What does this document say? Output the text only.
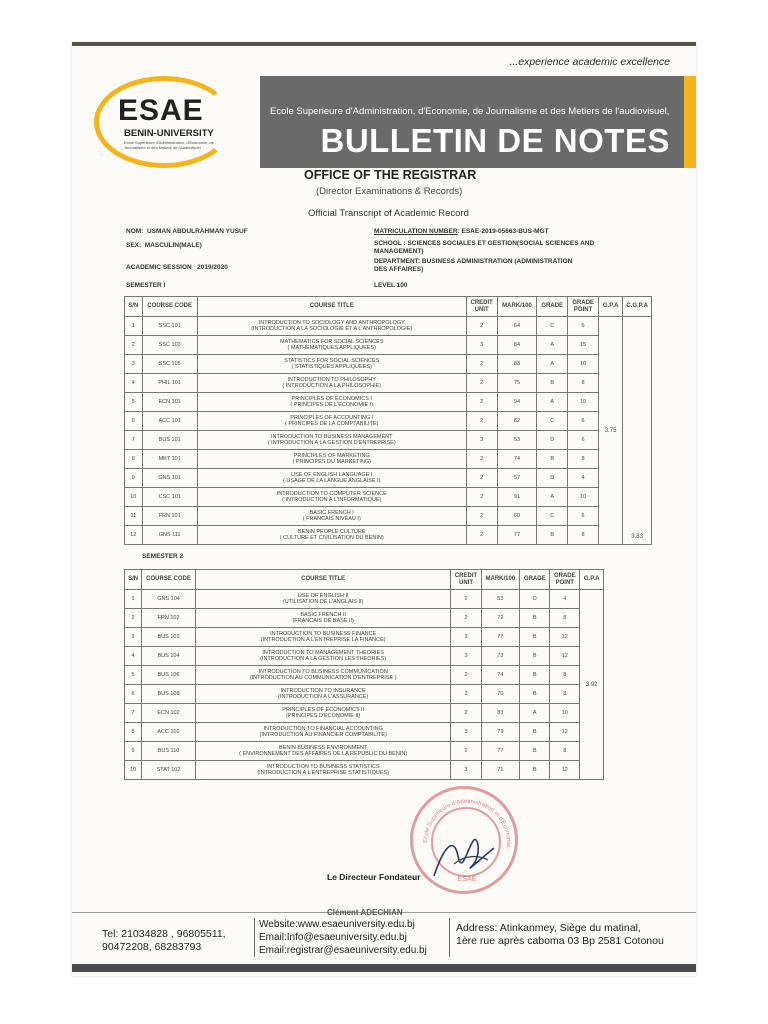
...experience academic excellence
ESAE
BENIN-UNIVERSITY
Ecole Superieure d'Administration, d'Economie, de Journalisme et des Metiers de l'Audiovisuel
Ecole Superieure d'Administration, d'Economie, de Journalisme et des Metiers de l'audiovisuel,
BULLETIN DE NOTES
OFFICE OF THE REGISTRAR
(Director Examinations & Records)
Official Transcript of Academic Record
NOM: USMAN ABDULRAHMAN YUSUF
SEX: MASCULIN(MALE)
ACADEMIC SESSION 2019/2020
SEMESTER I
MATRICULATION NUMBER: ESAE-2019-05663-BUS-MGT
SCHOOL : SCIENCES SOCIALES ET GESTION(SOCIAL SCIENCES AND MANAGEMENT)
DEPARTMENT: BUSINESS ADMINISTRATION (ADMINISTRATION DES AFFAIRES)
LEVEL 100
S/N	COURSE CODE	COURSE TITLE	CREDIT UNIT	MARK/100	GRADE	GRADE POINT	G.P.A	C.G.P.A
1	SSC 101	INTRODUCTION TO SOCIOLOGY AND ANTHROPOLOGY
(INTRODUCTION A LA SOCIOLOGIE ET A L'ANTHROPOLOGIE)	2	64	C	6	3.75	3.83
2	SSC 103	MATHEMATICS FOR SOCIAL SCIENCES
( MATHEMATIQUES APPLIQUEES)	3	84	A	15		
3	SSC 105	STATISTICS FOR SOCIAL SCIENCES
( STATISTIQUES APPLIQUEES)	2	83	A	10		
4	PHIL 101	INTRODUCTION TO PHILOSOPHY
( INTRODUCTION A LA PHILOSOPHIE)	2	75	B	8		
5	ECN 101	PRINCIPLES OF ECONOMICS I
( PRINCIPES DE L'ECONOMIE I)	2	94	A	10		
6	ACC 101	PRINCIPLES OF ACCOUNTING I
( PRINCIPES DE LA COMPTABILITE)	2	62	C	6		
7	BUS 101	INTRODUCTION TO BUSINESS MANAGEMENT
( INTRODUCTION A LA GESTION D'ENTREPRISE)	3	53	D	6		
8	MKT 101	PRINCIPLES OF MARKETING
( PRINCIPES DU MARKETING)	2	74	B	8		
9	GNS 101	USE OF ENGLISH LANGUAGE I
( USAGE DE LA LANGUE ANGLAISE I)	2	57	D	4		
10	CSC 101	INTRODUCTION TO COMPUTER SCIENCE
( INTRODUCTION A L'INFORMATIQUE)	2	91	A	10		
11	FRN 101	BASIC FRENCH I
( FRANCAIS NIVEAU I)	2	60	C	6		
12	GNS 111	BENIN PEOPLE CULTURE
( CULTURE ET CIVILISATION DU BENIN)	2	77	B	8		
SEMESTER 2
S/N	COURSE CODE	COURSE TITLE	CREDIT UNIT	MARK/100	GRADE	GRADE POINT	G.P.A
1	GNS 104	USE OF ENGLISH II
(UTILISATION DE L'ANGLAIS II)	2	53	D	4	3.92
2	FRN 102	BASIC FRENCH II
(FRANCAIS DE BASE II)	2	72	B	8	
3	BUS 102	INTRODUCTION TO BUSINESS FINANCE
(INTRODUCTION A L'ENTREPRISE LA FINANCE)	3	77	B	12	
4	BUS 104	INTRODUCTION TO MANAGEMENT THEORIES
(INTRODUCTION A LA GESTION LES THEORIES)	3	73	B	12	
5	BUS 106	INTRODUCTION TO BUSINESS COMMUNICATION
(INTRODUCTION AU COMMUNICATION D'ENTREPRISE )	2	74	B	8	
6	BUS 108	INTRODUCTION TO INSURANCE
(INTRODUCTION A L'ASSURANCE)	2	70	B	8	
7	ECN 102	PRINCIPLES OF ECONOMICS II
(PRINCIPES D'ECONOMIE II)	2	83	A	10	
8	ACC 102	INTRODUCTION TO FINANCIAL ACCOUNTING
(INTRODUCTION AU FINANCIER COMPTABILITE)	3	79	B	12	
9	BUS 110	BENIN BUSINESS ENVIRONMENT
( ENVIRONNEMENT DES AFFAIRES DE LA REPUBLIC DU BENIN)	2	77	B	8	
10	STAT 102	INTRODUCTION TO BUSINESS STATISTICS
(INTRODUCTION A L'ENTREPRISE STATISTIQUES)	3	71	B	12	
Ecole Superieure d'Administration et d'Economie
ESAE
Le Directeur Fondateur
Tel: 21034828 , 96805511,
90472208, 68283793
Website:www.esaeuniversity.edu.bj
Email:Info@esaeuniversity.edu.bj
Email:registrar@esaeuniversity.edu.bj
Clément ADECHIAN
Address: Atinkanmey, Siège du matinal,
1ère rue après caboma 03 Bp 2581 Cotonou
